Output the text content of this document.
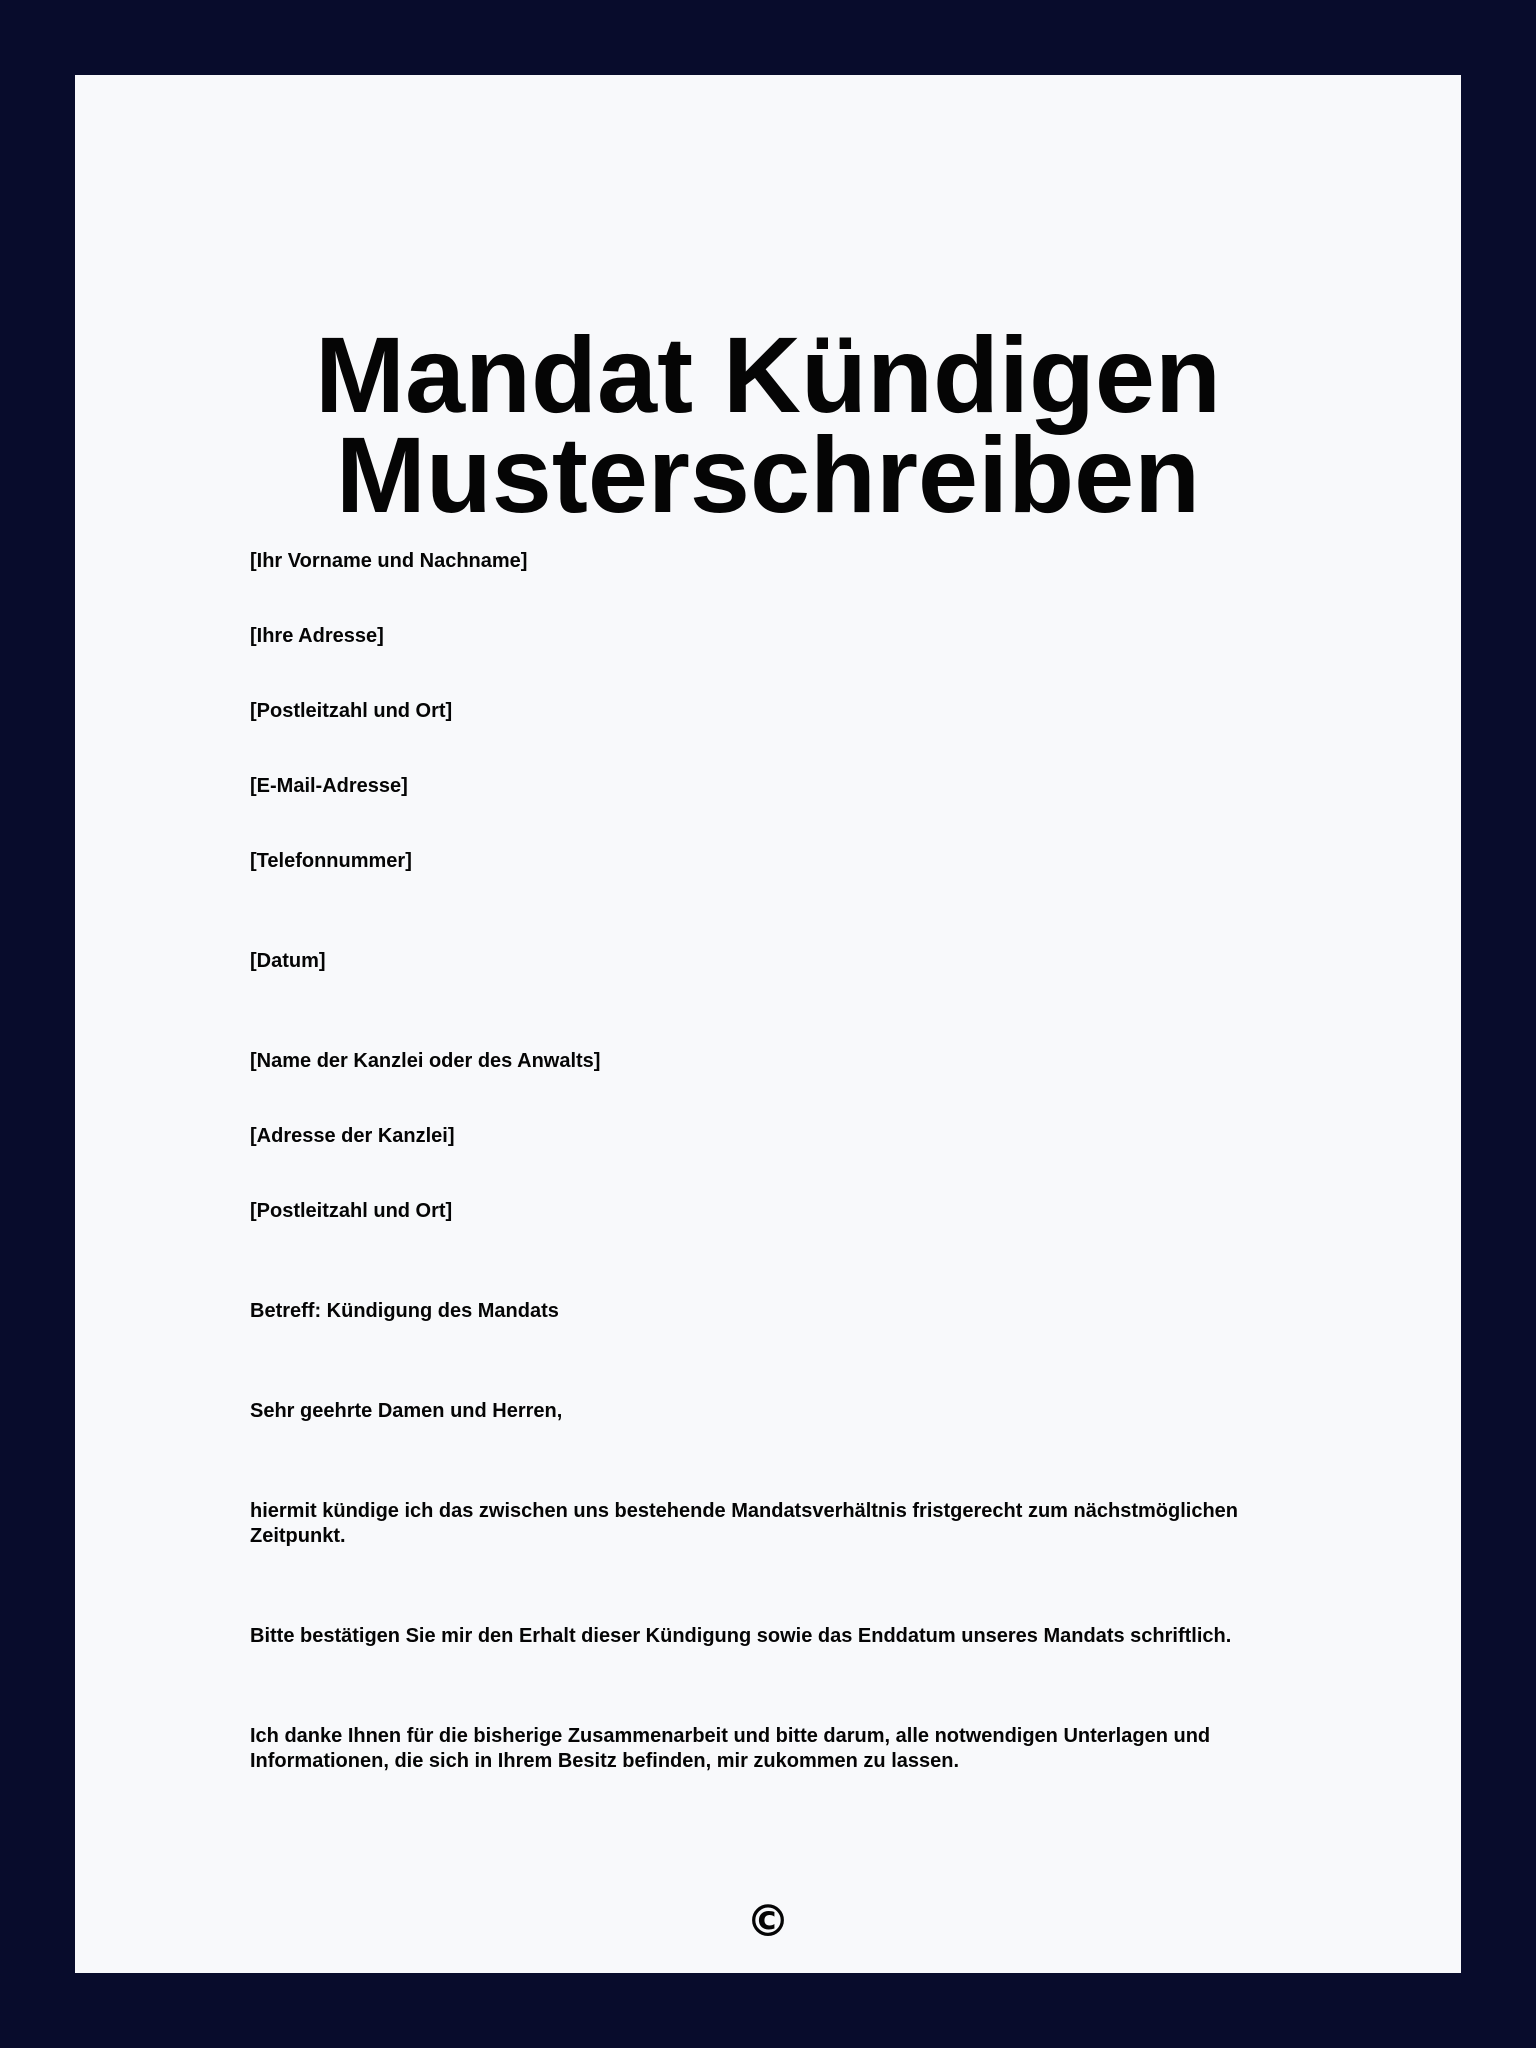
Mandat Kündigen
Musterschreiben

[Ihr Vorname und Nachname]

[Ihre Adresse]

[Postleitzahl und Ort]

[E-Mail-Adresse]

[Telefonnummer]

[Datum]

[Name der Kanzlei oder des Anwalts]

[Adresse der Kanzlei]

[Postleitzahl und Ort]

Betreff: Kündigung des Mandats

Sehr geehrte Damen und Herren,

hiermit kündige ich das zwischen uns bestehende Mandatsverhältnis fristgerecht zum nächstmöglichen Zeitpunkt.

Bitte bestätigen Sie mir den Erhalt dieser Kündigung sowie das Enddatum unseres Mandats schriftlich.

Ich danke Ihnen für die bisherige Zusammenarbeit und bitte darum, alle notwendigen Unterlagen und Informationen, die sich in Ihrem Besitz befinden, mir zukommen zu lassen.

©
